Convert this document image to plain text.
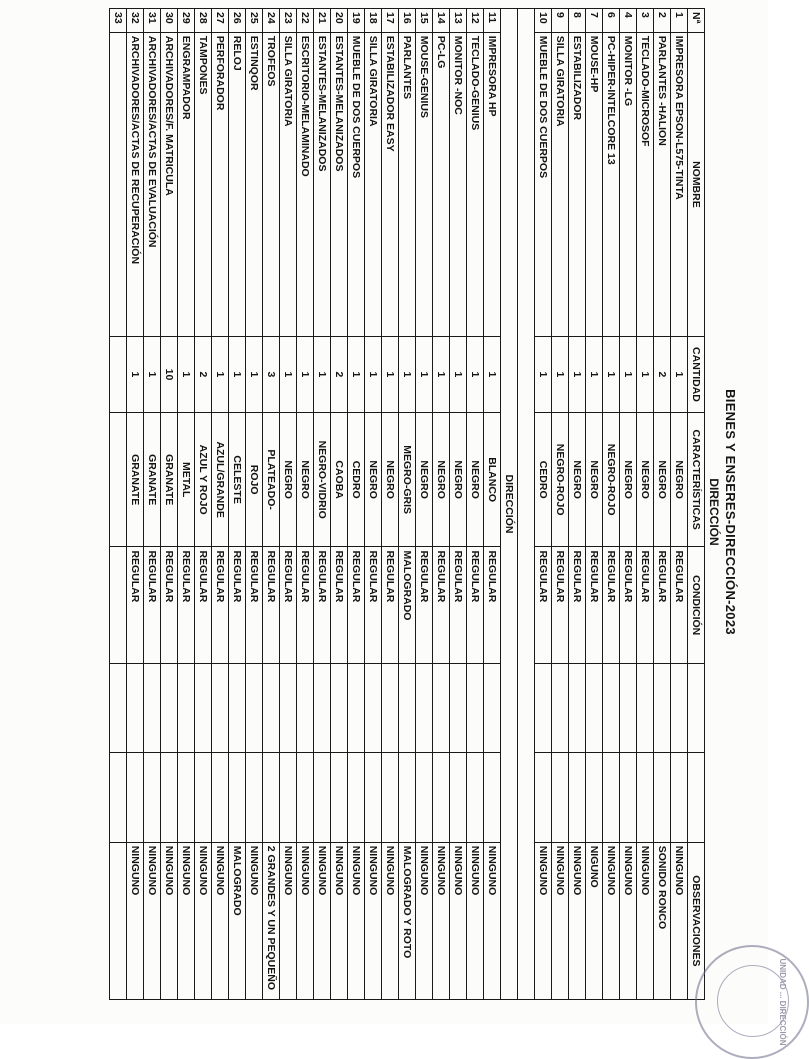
BIENES Y ENSERES-DIRECCIÓN-2023
DIRECCIÓN
Nª	NOMBRE	CANTIDAD	CARACTERÍSTICAS	CONDICIÓN			OBSERVACIONES
1	IMPRESORA EPSON-L575-TINTA	1	NEGRO	REGULAR			NINGUNO
2	PARLANTES -HALION	2	NEGRO	REGULAR			SONIDO RONCO
3	TECLADO-MICROSOF	1	NEGRO	REGULAR			NINGUNO
4	MONITOR -LG	1	NEGRO	REGULAR			NINGUNO
6	PC-HIPER-INTELCORE 13	1	NEGRO-ROJO	REGULAR			NINGUNO
7	MOUSE-HP	1	NEGRO	REGULAR			NIGUNO
8	ESTABILIZADOR	1	NEGRO	REGULAR			NINGUNO
9	SILLA GIRATORIA	1	NEGRO-ROJO	REGULAR			NINGUNO
10	MUEBLE DE DOS CUERPOS	1	CEDRO	REGULAR			NINGUNO

DIRECCIÓN							
11	IMPRESORA HP	1	BLANCO	REGULAR			NINGUNO
12	TECLADO-GENIUS	1	NEGRO	REGULAR			NINGUNO
13	MONITOR -NOC	1	NEGRO	REGULAR			NINGUNO
14	PC-LG	1	NEGRO	REGULAR			NINGUNO
15	MOUSE-GENIUS	1	NEGRO	REGULAR			NINGUNO
16	PARLANTES	1	MEGRO-GRIS	MALOGRADO			MALOGRADO Y ROTO
17	ESTABILIZADOR EASY	1	NEGRO	REGULAR			NINGUNO
18	SILLA GIRATORIA	1	NEGRO	REGULAR			NINGUNO
19	MUEBLE DE DOS CUERPOS	1	CEDRO	REGULAR			NINGUNO
20	ESTANTES-MELANIZADOS	2	CAOBA	REGULAR			NINGUNO
21	ESTANTES-MELANIZADOS	1	NEGRO-VIDRIO	REGULAR			NINGUNO
22	ESCRITORIO-MELAMINADO	1	NEGRO	REGULAR			NINGUNO
23	SILLA GIRATORIA	1	NEGRO	REGULAR			NINGUNO
24	TROFEOS	3	PLATEADO-	REGULAR			2 GRANDES Y UN PEQUEÑO
25	ESTINQOR	1	ROJO	REGULAR			NINGUNO
26	RELOJ	1	CELESTE	REGULAR			MALOGRADO
27	PERFORADOR	1	AZUL/GRANDE	REGULAR			NINGUNO
28	TAMPONES	2	AZUL Y ROJO	REGULAR			NINGUNO
29	ENGRAMPADOR	1	METAL	REGULAR			NINGUNO
30	ARCHIVADORES/F. MATRICULA	10	GRANATE	REGULAR			NINGUNO
31	ARCHIVADORES/ACTAS DE EVALUACIÓN	1	GRANATE	REGULAR			NINGUNO
32	ARCHIVADORES/ACTAS DE RECUPERACIÓN	1	GRANATE	REGULAR			NINGUNO
33							
UNIDAD ... DIRECCIÓN
